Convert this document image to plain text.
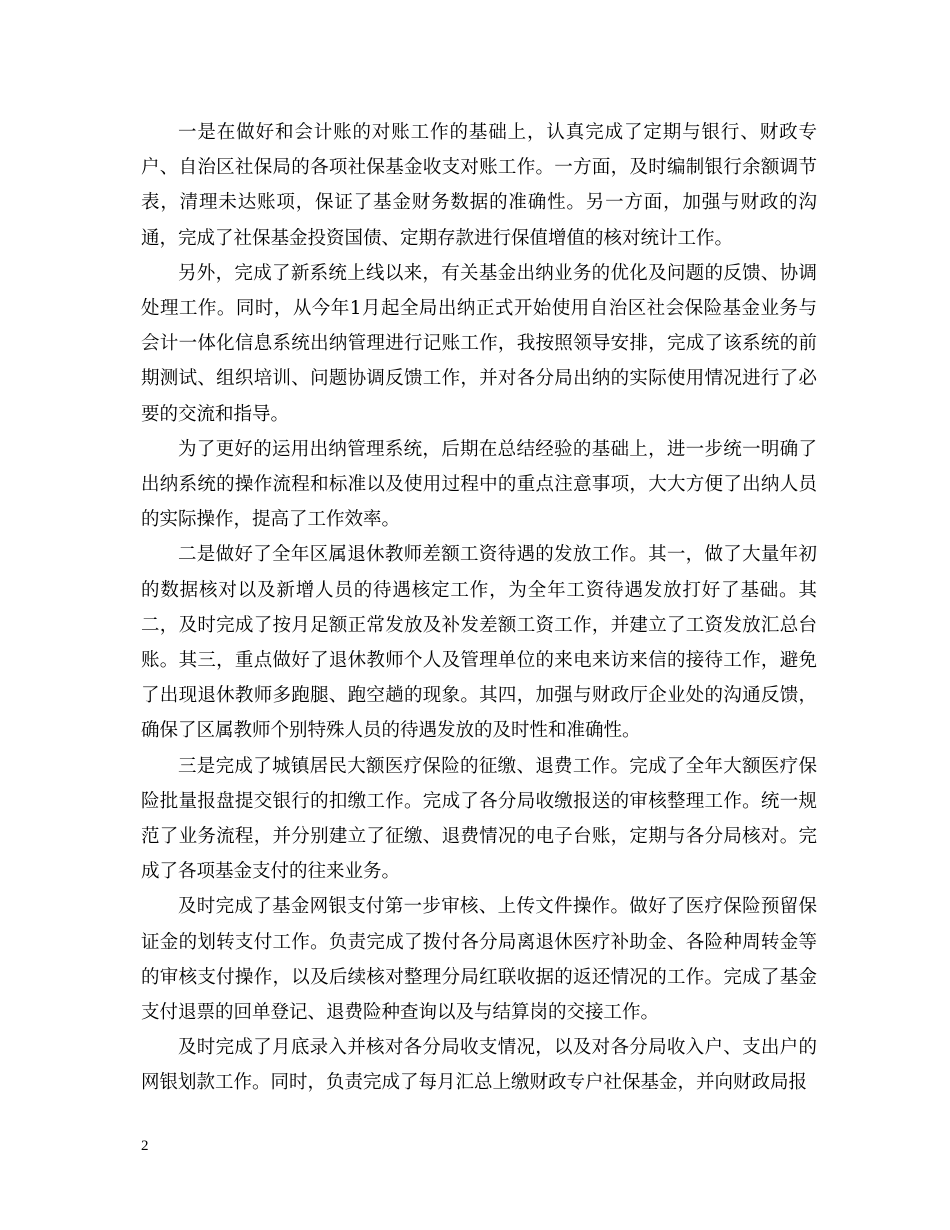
一是在做好和会计账的对账工作的基础上，认真完成了定期与银行、财政专户、自治区社保局的各项社保基金收支对账工作。一方面，及时编制银行余额调节表，清理未达账项，保证了基金财务数据的准确性。另一方面，加强与财政的沟通，完成了社保基金投资国债、定期存款进行保值增值的核对统计工作。

另外，完成了新系统上线以来，有关基金出纳业务的优化及问题的反馈、协调处理工作。同时，从今年1月起全局出纳正式开始使用自治区社会保险基金业务与会计一体化信息系统出纳管理进行记账工作，我按照领导安排，完成了该系统的前期测试、组织培训、问题协调反馈工作，并对各分局出纳的实际使用情况进行了必要的交流和指导。

为了更好的运用出纳管理系统，后期在总结经验的基础上，进一步统一明确了出纳系统的操作流程和标准以及使用过程中的重点注意事项，大大方便了出纳人员的实际操作，提高了工作效率。

二是做好了全年区属退休教师差额工资待遇的发放工作。其一，做了大量年初的数据核对以及新增人员的待遇核定工作，为全年工资待遇发放打好了基础。其二，及时完成了按月足额正常发放及补发差额工资工作，并建立了工资发放汇总台账。其三，重点做好了退休教师个人及管理单位的来电来访来信的接待工作，避免了出现退休教师多跑腿、跑空趟的现象。其四，加强与财政厅企业处的沟通反馈，确保了区属教师个别特殊人员的待遇发放的及时性和准确性。

三是完成了城镇居民大额医疗保险的征缴、退费工作。完成了全年大额医疗保险批量报盘提交银行的扣缴工作。完成了各分局收缴报送的审核整理工作。统一规范了业务流程，并分别建立了征缴、退费情况的电子台账，定期与各分局核对。完成了各项基金支付的往来业务。

及时完成了基金网银支付第一步审核、上传文件操作。做好了医疗保险预留保证金的划转支付工作。负责完成了拨付各分局离退休医疗补助金、各险种周转金等的审核支付操作，以及后续核对整理分局红联收据的返还情况的工作。完成了基金支付退票的回单登记、退费险种查询以及与结算岗的交接工作。

及时完成了月底录入并核对各分局收支情况，以及对各分局收入户、支出户的网银划款工作。同时，负责完成了每月汇总上缴财政专户社保基金，并向财政局报

2
